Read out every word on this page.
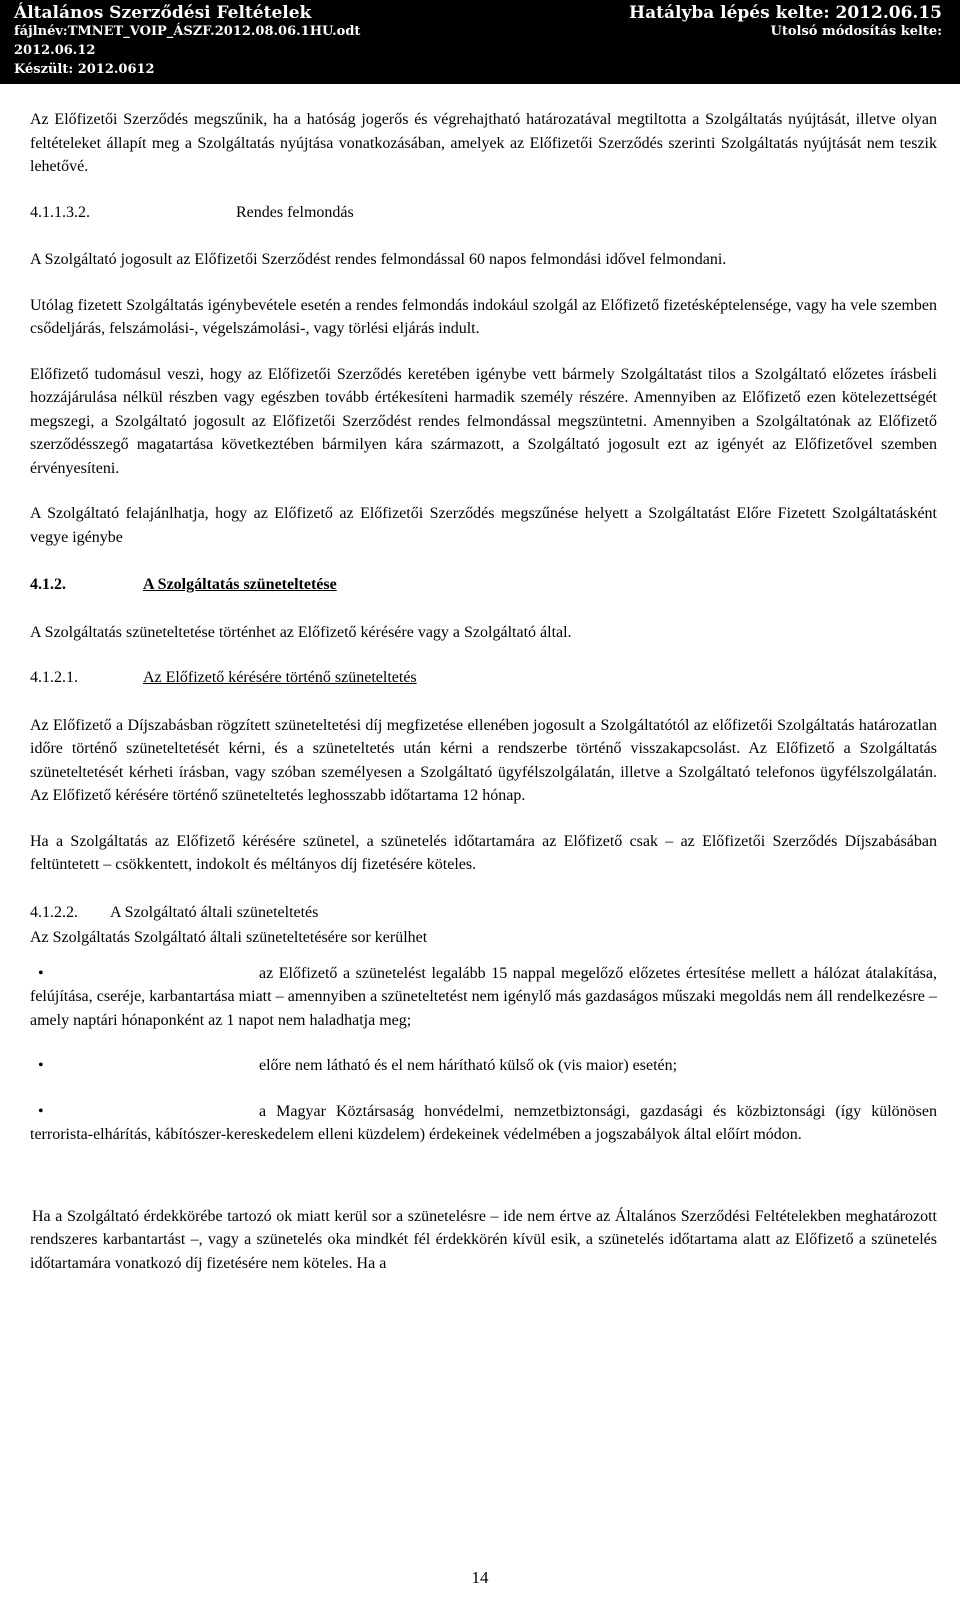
Általános Szerződési Feltételek	Hatályba lépés kelte: 2012.06.15
fájlnév:TMNET_VOIP_ÁSZF.2012.08.06.1HU.odt	Utolsó módosítás kelte:
2012.06.12
Készült: 2012.0612

Az Előfizetői Szerződés megszűnik, ha a hatóság jogerős és végrehajtható határozatával megtiltotta a Szolgáltatás nyújtását, illetve olyan feltételeket állapít meg a Szolgáltatás nyújtása vonatkozásában, amelyek az Előfizetői Szerződés szerinti Szolgáltatás nyújtását nem teszik lehetővé.

4.1.1.3.2.	Rendes felmondás

A Szolgáltató jogosult az Előfizetői Szerződést rendes felmondással 60 napos felmondási idővel felmondani.

Utólag fizetett Szolgáltatás igénybevétele esetén a rendes felmondás indokául szolgál az Előfizető fizetésképtelensége, vagy ha vele szemben csődeljárás, felszámolási-, végelszámolási-, vagy törlési eljárás indult.

Előfizető tudomásul veszi, hogy az Előfizetői Szerződés keretében igénybe vett bármely Szolgáltatást tilos a Szolgáltató előzetes írásbeli hozzájárulása nélkül részben vagy egészben tovább értékesíteni harmadik személy részére. Amennyiben az Előfizető ezen kötelezettségét megszegi, a Szolgáltató jogosult az Előfizetői Szerződést rendes felmondással megszüntetni. Amennyiben a Szolgáltatónak az Előfizető szerződésszegő magatartása következtében bármilyen kára származott, a Szolgáltató jogosult ezt az igényét az Előfizetővel szemben érvényesíteni.

A Szolgáltató felajánlhatja, hogy az Előfizető az Előfizetői Szerződés megszűnése helyett a Szolgáltatást Előre Fizetett Szolgáltatásként vegye igénybe

4.1.2.	A Szolgáltatás szüneteltetése

A Szolgáltatás szüneteltetése történhet az Előfizető kérésére vagy a Szolgáltató által.

4.1.2.1.	Az Előfizető kérésére történő szüneteltetés

Az Előfizető a Díjszabásban rögzített szüneteltetési díj megfizetése ellenében jogosult a Szolgáltatótól az előfizetői Szolgáltatás határozatlan időre történő szüneteltetését kérni, és a szüneteltetés után kérni a rendszerbe történő visszakapcsolást. Az Előfizető a Szolgáltatás szüneteltetését kérheti írásban, vagy szóban személyesen a Szolgáltató ügyfélszolgálatán, illetve a Szolgáltató telefonos ügyfélszolgálatán. Az Előfizető kérésére történő szüneteltetés leghosszabb időtartama 12 hónap.

Ha a Szolgáltatás az Előfizető kérésére szünetel, a szünetelés időtartamára az Előfizető csak – az Előfizetői Szerződés Díjszabásában feltüntetett – csökkentett, indokolt és méltányos díj fizetésére köteles.

4.1.2.2.	A Szolgáltató általi szüneteltetés

Az Szolgáltatás Szolgáltató általi szüneteltetésére sor kerülhet

•	az Előfizető a szünetelést legalább 15 nappal megelőző előzetes értesítése mellett a hálózat átalakítása, felújítása, cseréje, karbantartása miatt – amennyiben a szüneteltetést nem igénylő más gazdaságos műszaki megoldás nem áll rendelkezésre – amely naptári hónaponként az 1 napot nem haladhatja meg;

•	előre nem látható és el nem hárítható külső ok (vis maior) esetén;

•	a Magyar Köztársaság honvédelmi, nemzetbiztonsági, gazdasági és közbiztonsági (így különösen terrorista-elhárítás, kábítószer-kereskedelem elleni küzdelem) érdekeinek védelmében a jogszabályok által előírt módon.

Ha a Szolgáltató érdekkörébe tartozó ok miatt kerül sor a szünetelésre – ide nem értve az Általános Szerződési Feltételekben meghatározott rendszeres karbantartást –, vagy a szünetelés oka mindkét fél érdekkörén kívül esik, a szünetelés időtartama alatt az Előfizető a szünetelés időtartamára vonatkozó díj fizetésére nem köteles. Ha a

14
